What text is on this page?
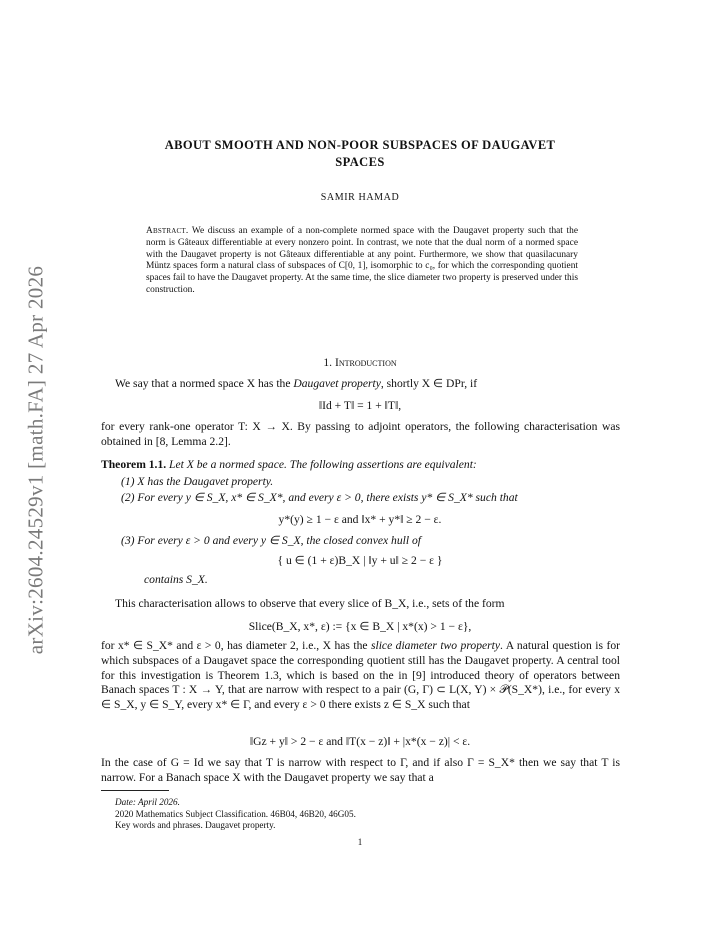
arXiv:2604.24529v1 [math.FA] 27 Apr 2026
ABOUT SMOOTH AND NON-POOR SUBSPACES OF DAUGAVET
SPACES
SAMIR HAMAD
Abstract. We discuss an example of a non-complete normed space with the Daugavet property such that the norm is Gâteaux differentiable at every nonzero point. In contrast, we note that the dual norm of a normed space with the Daugavet property is not Gâteaux differentiable at any point. Furthermore, we show that quasilacunary Müntz spaces form a natural class of subspaces of C[0, 1], isomorphic to c₀, for which the corresponding quotient spaces fail to have the Daugavet property. At the same time, the slice diameter two property is preserved under this construction.
1. Introduction
We say that a normed space X has the Daugavet property, shortly X ∈ DPr, if
‖Id + T‖ = 1 + ‖T‖,
for every rank-one operator T: X → X. By passing to adjoint operators, the following characterisation was obtained in [8, Lemma 2.2].
Theorem 1.1. Let X be a normed space. The following assertions are equivalent:
(1) X has the Daugavet property.
(2) For every y ∈ S_X, x* ∈ S_X*, and every ε > 0, there exists y* ∈ S_X* such that
y*(y) ≥ 1 − ε and ‖x* + y*‖ ≥ 2 − ε.
(3) For every ε > 0 and every y ∈ S_X, the closed convex hull of
{ u ∈ (1 + ε)B_X | ‖y + u‖ ≥ 2 − ε }
contains S_X.
This characterisation allows to observe that every slice of B_X, i.e., sets of the form
Slice(B_X, x*, ε) := {x ∈ B_X | x*(x) > 1 − ε},
for x* ∈ S_X* and ε > 0, has diameter 2, i.e., X has the slice diameter two property. A natural question is for which subspaces of a Daugavet space the corresponding quotient still has the Daugavet property. A central tool for this investigation is Theorem 1.3, which is based on the in [9] introduced theory of operators between Banach spaces T : X → Y, that are narrow with respect to a pair (G, Γ) ⊂ L(X, Y) × 𝒫(S_X*), i.e., for every x ∈ S_X, y ∈ S_Y, every x* ∈ Γ, and every ε > 0 there exists z ∈ S_X such that
‖Gz + y‖ > 2 − ε and ‖T(x − z)‖ + |x*(x − z)| < ε.
In the case of G = Id we say that T is narrow with respect to Γ, and if also Γ = S_X* then we say that T is narrow. For a Banach space X with the Daugavet property we say that a
Date: April 2026.
2020 Mathematics Subject Classification. 46B04, 46B20, 46G05.
Key words and phrases. Daugavet property.
1
